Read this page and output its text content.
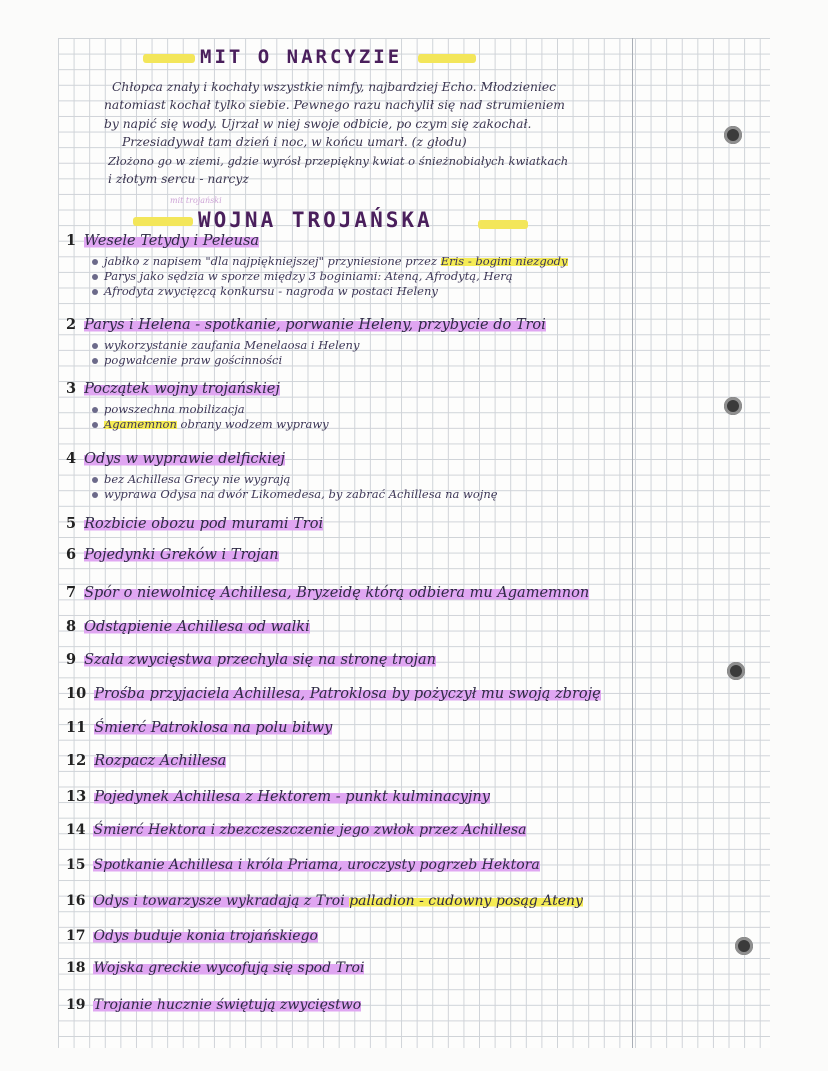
MIT O NARCYZIE
Chłopca znały i kochały wszystkie nimfy, najbardziej Echo. Młodzieniec
natomiast kochał tylko siebie. Pewnego razu nachylił się nad strumieniem
by napić się wody. Ujrzał w niej swoje odbicie, po czym się zakochał.
Przesiadywał tam dzień i noc, w końcu umarł. (z głodu)
Złożono go w ziemi, gdzie wyrósł przepiękny kwiat o śnieżnobiałych kwiatkach
i złotym sercu - narcyz
mit trojański
WOJNA TROJAŃSKA
1 Wesele Tetydy i Peleusa
jabłko z napisem "dla najpiękniejszej" przyniesione przez Eris - bogini niezgody
Parys jako sędzia w sporze między 3 boginiami: Ateną, Afrodytą, Herą
Afrodyta zwycięzcą konkursu - nagroda w postaci Heleny
2 Parys i Helena - spotkanie, porwanie Heleny, przybycie do Troi
wykorzystanie zaufania Menelaosa i Heleny
pogwałcenie praw gościnności
3 Początek wojny trojańskiej
powszechna mobilizacja
Agamemnon obrany wodzem wyprawy
4 Odys w wyprawie delfickiej
bez Achillesa Grecy nie wygrają
wyprawa Odysa na dwór Likomedesa, by zabrać Achillesa na wojnę
5 Rozbicie obozu pod murami Troi
6 Pojedynki Greków i Trojan
7 Spór o niewolnicę Achillesa, Bryzeidę którą odbiera mu Agamemnon
8 Odstąpienie Achillesa od walki
9 Szala zwycięstwa przechyla się na stronę trojan
10 Prośba przyjaciela Achillesa, Patroklosa by pożyczył mu swoją zbroję
11 Śmierć Patroklosa na polu bitwy
12 Rozpacz Achillesa
13 Pojedynek Achillesa z Hektorem - punkt kulminacyjny
14 Śmierć Hektora i zbezczeszczenie jego zwłok przez Achillesa
15 Spotkanie Achillesa i króla Priama, uroczysty pogrzeb Hektora
16 Odys i towarzysze wykradają z Troi palladion - cudowny posąg Ateny
17 Odys buduje konia trojańskiego
18 Wojska greckie wycofują się spod Troi
19 Trojanie hucznie świętują zwycięstwo
